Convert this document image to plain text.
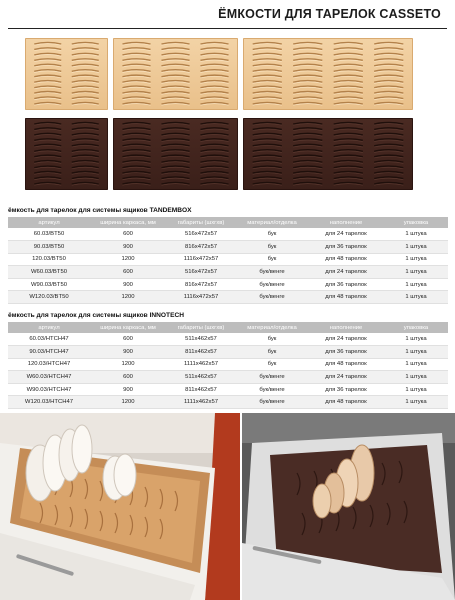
ЁМКОСТИ ДЛЯ ТАРЕЛОК CASSETO
ёмкость для тарелок для системы ящиков TANDEMBOX
артикул	ширина каркаса, мм	габариты (шхгхв)	материал/отделка	наполнение	упаковка
60.03/BT50	600	516x472x57	бук	для 24 тарелок	1 штука
90.03/BT50	900	816x472x57	бук	для 36 тарелок	1 штука
120.03/BT50	1200	1116x472x57	бук	для 48 тарелок	1 штука
W60.03/BT50	600	516x472x57	бук/венге	для 24 тарелок	1 штука
W90.03/BT50	900	816x472x57	бук/венге	для 36 тарелок	1 штука
W120.03/BT50	1200	1116x472x57	бук/венге	для 48 тарелок	1 штука
ёмкость для тарелок для системы ящиков INNOTECH
артикул	ширина каркаса, мм	габариты (шхгхв)	материал/отделка	наполнение	упаковка
60.03/HTCH47	600	511x462x57	бук	для 24 тарелок	1 штука
90.03/HTCH47	900	811x462x57	бук	для 36 тарелок	1 штука
120.03/HTCH47	1200	1111x462x57	бук	для 48 тарелок	1 штука
W60.03/HTCH47	600	511x462x57	бук/венге	для 24 тарелок	1 штука
W90.03/HTCH47	900	811x462x57	бук/венге	для 36 тарелок	1 штука
W120.03/HTCH47	1200	1111x462x57	бук/венге	для 48 тарелок	1 штука
